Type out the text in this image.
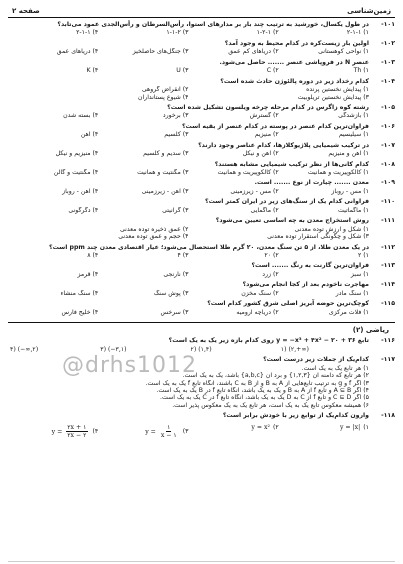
زمین‌شناسی
صفحه ۲
۱۰۱-
در طول یکسال، خورشید به ترتیب چند بار بر مدارهای استوا، رأس‌السرطان و رأس‌الجدی عمود می‌تابد؟
۱) ۲-۱-۱
۲) ۱-۲-۱
۳) ۱-۱-۲
۴) ۲-۱-۱
۱۰۲-
اولین بار زیست‌کره در کدام محیط به وجود آمد؟
۱) نواحی کوهستانی
۲) دریاهای کم عمق
۳) جنگل‌های حاصلخیز
۴) دریاهای عمق
۱۰۳-
عنصر N در فروپاشی عنصر ....... حاصل می‌شود.
۱) Th
۲) C
۳) U
۴) K
۱۰۴-
کدام رخداد زیر در دوره پالئوژن حادث شده است؟
۱) پیدایش نخستین پرنده
۲) انقراض گروهی
۳) پیدایش نخستین تریلوبیت
۴) شیوع پستانداران
۱۰۵-
رشته کوه زاگرس در کدام مرحله چرخه ویلسون تشکیل شده است؟
۱) بازشدگی
۲) گسترش
۳) برخورد
۴) بسته شدن
۱۰۶-
فراوان‌ترین کدام عنصر در پوسته در کدام عنصر از بقیه است؟
۱) سیلیسیم
۲) منیزیم
۳) کلسیم
۴) آهن
۱۰۷-
در ترکیب شیمیایی پلاژیوکلازها، کدام عناصر وجود دارند؟
۱) آهن و منیزیم
۲) آهن و نیکل
۳) سدیم و کلسیم
۴) منیزیم و نیکل
۱۰۸-
کدام کانی‌ها از نظر ترکیب شیمیایی مشابه هستند؟
۱) کالکوپیریت و همانیت
۲) کالکوپیریت و همانیت
۳) مگنتیت و همانیت
۴) مگنتیت و گالن
۱۰۹-
معدن ....... چیارت از نوع ....... است.
۱) مس - روباز
۲) مس - زیرزمینی
۳) آهن - زیرزمینی
۴) آهن - روباز
۱۱۰-
فراوانی کدام یک از سنگ‌های زیر در ایران کمتر است؟
۱) ماگماتیت
۲) ماگمایی
۳) گرانیتی
۴) دگرگونی
۱۱۱-
روش استخراج معدن به چه اساسی تعیین می‌شود؟
۱) شکل و ارزش توده معدنی
۲) عمق ذخیره توده معدنی
۳) شکل و چگونگی استقرار توده معدنی
۴) حجم و عمق توده معدنی
۱۱۲-
در یک معدن طلا، از ۵ تن سنگ معدن، ۲۰ گرم طلا استحصال می‌شود؛ عیار اقتصادی معدن چند ppm است؟
۱) ۲
۲) ۲۰
۳) ۴
۴) ۸
۱۱۳-
فراوان‌ترین گارنت به رنگ ....... است؟
۱) سبز
۲) زرد
۳) نارنجی
۴) قرمز
۱۱۴-
مهاجرت ناخودم بعد از کجا انجام می‌شود؟
۱) سنگ مادر
۲) سنگ مخزن
۳) پوش سنگ
۴) سنگ منشاء
۱۱۵-
کوچک‌ترین حوضه آبریز اصلی شرق کشور کدام است؟
۱) فلات مرکزی
۲) دریاچه ارومیه
۳) سرخس
۴) خلیج فارس
@drhs1012
ریاضی (۲)
۱۱۶-
تابع y = −x³ + ۴x² − ۲۰ + ۳۶ روی کدام بازه زیر یک به یک است؟
۱) (۲,+∞)
۲) (۱,۴)
۳) (−۳,۱)
۴) (−∞,۲)
۱۱۷-
کدام‌یک از جملات زیر درست است؟
۱) هر تابع یک به یک است.
۲) هر تابع که دامنه آن {۱,۲,۳} و برد آن {a,b,c} باشد، یک به یک است.
۳) اگر f و g به ترتیب تابع‌هایی از A به B و از B به C باشند، آنگاه تابع f یک به یک است.
۴) اگر A ⊆ B و تابع f از A به B و یک به یک باشد، آنگاه تابع f در B یک به یک است.
۵) اگر C ⊆ D و تابع f از C به D یک به یک باشد، آنگاه تابع f در C یک به یک است.
۶) همیشه معکوس تابع یک به یک است، هر تابع یک به یک معکوس پذیر است.
۱۱۸-
وارون کدام‌یک از توابع زیر با خودش برابر است؟
۱)
y = |x|
۲)
y = x²
۳)
$y = \frac{۱}{x - ۱}$
۴)
$y = \frac{۲x + ۱}{۲x - ۲}$
